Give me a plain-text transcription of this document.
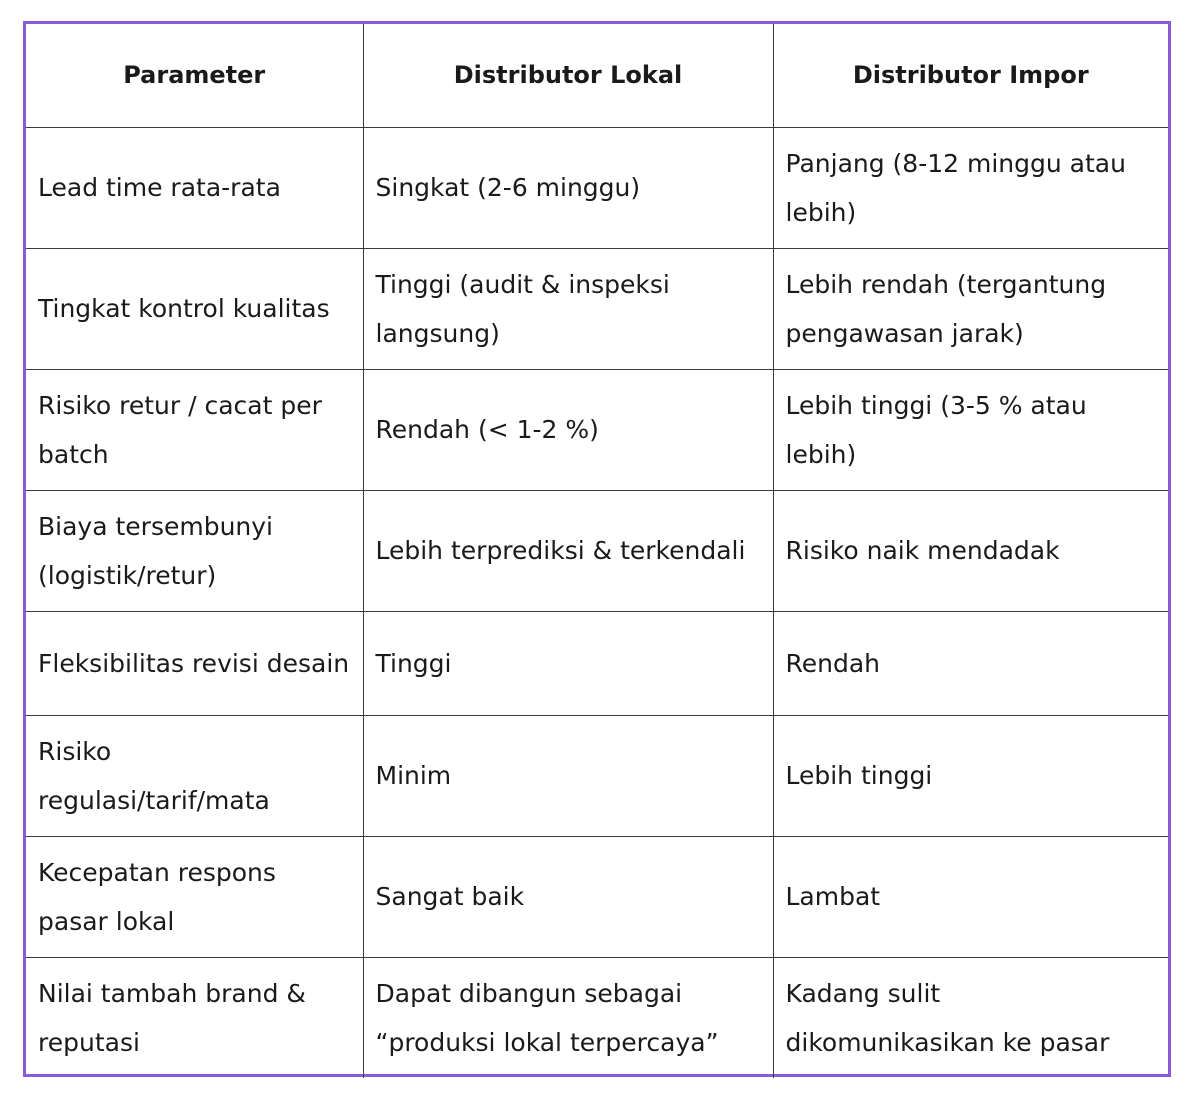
Parameter	Distributor Lokal	Distributor Impor
Lead time rata-rata	Singkat (2-6 minggu)	Panjang (8-12 minggu atau lebih)
Tingkat kontrol kualitas	Tinggi (audit & inspeksi langsung)	Lebih rendah (tergantung pengawasan jarak)
Risiko retur / cacat per batch	Rendah (< 1-2 %)	Lebih tinggi (3-5 % atau lebih)
Biaya tersembunyi (logistik/retur)	Lebih terprediksi & terkendali	Risiko naik mendadak
Fleksibilitas revisi desain	Tinggi	Rendah
Risiko regulasi/tarif/mata	Minim	Lebih tinggi
Kecepatan respons pasar lokal	Sangat baik	Lambat
Nilai tambah brand & reputasi	Dapat dibangun sebagai “produksi lokal terpercaya”	Kadang sulit dikomunikasikan ke pasar
